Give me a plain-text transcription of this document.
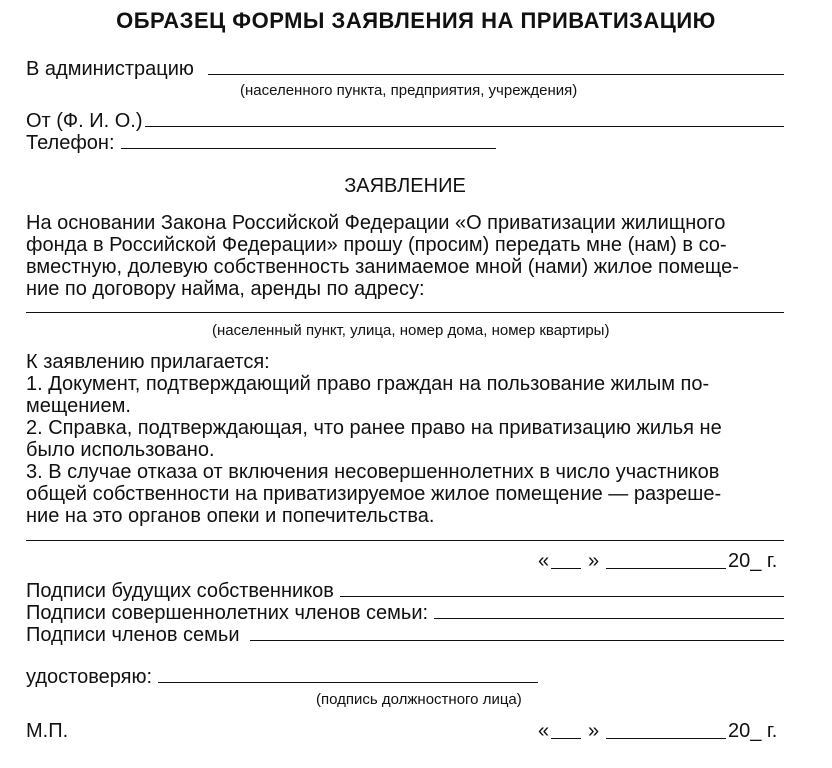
ОБРАЗЕЦ ФОРМЫ ЗАЯВЛЕНИЯ НА ПРИВАТИЗАЦИЮ
В администрацию
(населенного пункта, предприятия, учреждения)
От (Ф. И. О.)
Телефон:
ЗАЯВЛЕНИЕ
На основании Закона Российской Федерации «О приватизации жилищного
фонда в Российской Федерации» прошу (просим) передать мне (нам) в со-
вместную, долевую собственность занимаемое мной (нами) жилое помеще-
ние по договору найма, аренды по адресу:
(населенный пункт, улица, номер дома, номер квартиры)
К заявлению прилагается:
1. Документ, подтверждающий право граждан на пользование жилым по-
мещением.
2. Справка, подтверждающая, что ранее право на приватизацию жилья не
было использовано.
3. В случае отказа от включения несовершеннолетних в число участников
общей собственности на приватизируемое жилое помещение — разреше-
ние на это органов опеки и попечительства.
« »	20_ г.
Подписи будущих собственников
Подписи совершеннолетних членов семьи:
Подписи членов семьи
удостоверяю:
(подпись должностного лица)
М.П.	« »	20_ г.
